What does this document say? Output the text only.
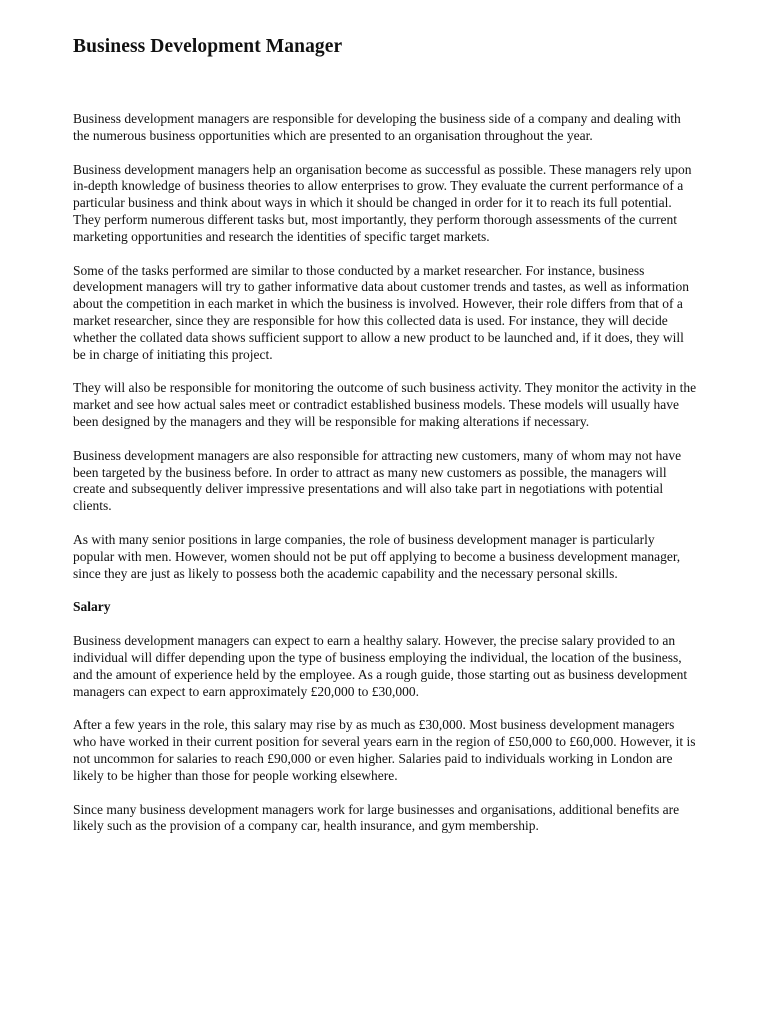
Business Development Manager

Business development managers are responsible for developing the business side of a company and dealing with the numerous business opportunities which are presented to an organisation throughout the year.

Business development managers help an organisation become as successful as possible. These managers rely upon in-depth knowledge of business theories to allow enterprises to grow. They evaluate the current performance of a particular business and think about ways in which it should be changed in order for it to reach its full potential. They perform numerous different tasks but, most importantly, they perform thorough assessments of the current marketing opportunities and research the identities of specific target markets.

Some of the tasks performed are similar to those conducted by a market researcher. For instance, business development managers will try to gather informative data about customer trends and tastes, as well as information about the competition in each market in which the business is involved. However, their role differs from that of a market researcher, since they are responsible for how this collected data is used. For instance, they will decide whether the collated data shows sufficient support to allow a new product to be launched and, if it does, they will be in charge of initiating this project.

They will also be responsible for monitoring the outcome of such business activity. They monitor the activity in the market and see how actual sales meet or contradict established business models. These models will usually have been designed by the managers and they will be responsible for making alterations if necessary.

Business development managers are also responsible for attracting new customers, many of whom may not have been targeted by the business before. In order to attract as many new customers as possible, the managers will create and subsequently deliver impressive presentations and will also take part in negotiations with potential clients.

As with many senior positions in large companies, the role of business development manager is particularly popular with men. However, women should not be put off applying to become a business development manager, since they are just as likely to possess both the academic capability and the necessary personal skills.

Salary

Business development managers can expect to earn a healthy salary. However, the precise salary provided to an individual will differ depending upon the type of business employing the individual, the location of the business, and the amount of experience held by the employee. As a rough guide, those starting out as business development managers can expect to earn approximately £20,000 to £30,000.

After a few years in the role, this salary may rise by as much as £30,000. Most business development managers who have worked in their current position for several years earn in the region of £50,000 to £60,000. However, it is not uncommon for salaries to reach £90,000 or even higher. Salaries paid to individuals working in London are likely to be higher than those for people working elsewhere.

Since many business development managers work for large businesses and organisations, additional benefits are likely such as the provision of a company car, health insurance, and gym membership.
